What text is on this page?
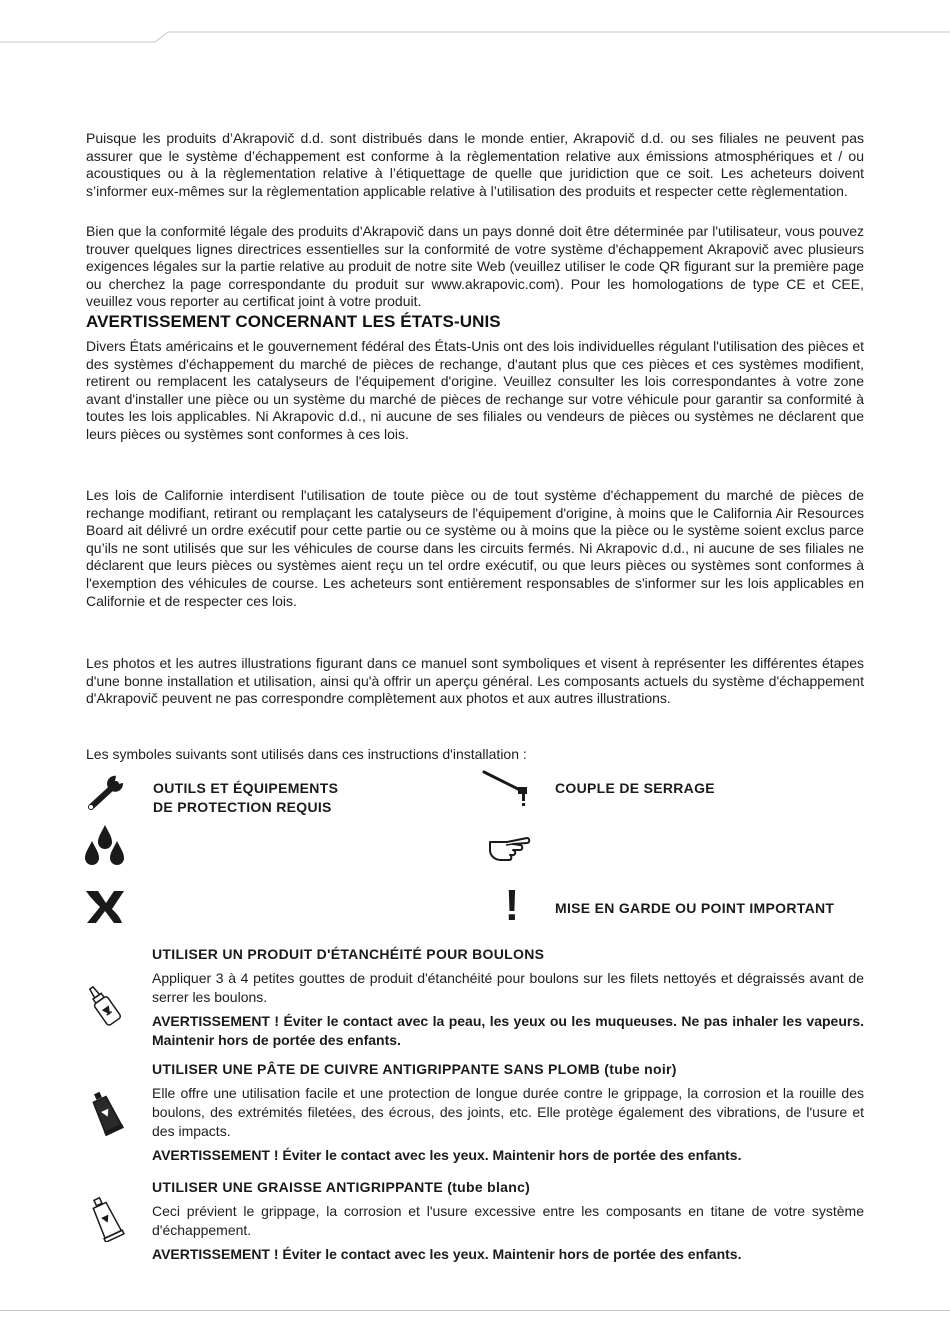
Puisque les produits d’Akrapovič d.d. sont distribués dans le monde entier, Akrapovič d.d. ou ses filiales ne peuvent pas assurer que le système d’échappement est conforme à la règlementation relative aux émissions atmosphériques et / ou acoustiques ou à la règlementation relative à l’étiquettage de quelle que juridiction que ce soit. Les acheteurs doivent s’informer eux-mêmes sur la règlementation applicable relative à l’utilisation des produits et respecter cette règlementation.

Bien que la conformité légale des produits d'Akrapovič dans un pays donné doit être déterminée par l'utilisateur, vous pouvez trouver quelques lignes directrices essentielles sur la conformité de votre système d'échappement Akrapovič avec plusieurs exigences légales sur la partie relative au produit de notre site Web (veuillez utiliser le code QR figurant sur la première page ou cherchez la page correspondante du produit sur www.akrapovic.com). Pour les homologations de type CE et CEE, veuillez vous reporter au certificat joint à votre produit.

AVERTISSEMENT CONCERNANT LES ÉTATS-UNIS

Divers États américains et le gouvernement fédéral des États-Unis ont des lois individuelles régulant l'utilisation des pièces et des systèmes d'échappement du marché de pièces de rechange, d'autant plus que ces pièces et ces systèmes modifient, retirent ou remplacent les catalyseurs de l'équipement d'origine. Veuillez consulter les lois correspondantes à votre zone avant d'installer une pièce ou un système du marché de pièces de rechange sur votre véhicule pour garantir sa conformité à toutes les lois applicables. Ni Akrapovic d.d., ni aucune de ses filiales ou vendeurs de pièces ou systèmes ne déclarent que leurs pièces ou systèmes sont conformes à ces lois.

Les lois de Californie interdisent l'utilisation de toute pièce ou de tout système d'échappement du marché de pièces de rechange modifiant, retirant ou remplaçant les catalyseurs de l'équipement d'origine, à moins que le California Air Resources Board ait délivré un ordre exécutif pour cette partie ou ce système ou à moins que la pièce ou le système soient exclus parce qu’ils ne sont utilisés que sur les véhicules de course dans les circuits fermés. Ni Akrapovic d.d., ni aucune de ses filiales ne déclarent que leurs pièces ou systèmes aient reçu un tel ordre exécutif, ou que leurs pièces ou systèmes sont conformes à l'exemption des véhicules de course. Les acheteurs sont entièrement responsables de s'informer sur les lois applicables en Californie et de respecter ces lois.

Les photos et les autres illustrations figurant dans ce manuel sont symboliques et visent à représenter les différentes étapes d'une bonne installation et utilisation, ainsi qu'à offrir un aperçu général. Les composants actuels du système d'échappement d'Akrapovič peuvent ne pas correspondre complètement aux photos et aux autres illustrations.

Les symboles suivants sont utilisés dans ces instructions d'installation :

OUTILS ET ÉQUIPEMENTS
DE PROTECTION REQUIS

COUPLE DE SERRAGE

!	MISE EN GARDE OU POINT IMPORTANT

UTILISER UN PRODUIT D'ÉTANCHÉITÉ POUR BOULONS

Appliquer 3 à 4 petites gouttes de produit d'étanchéité pour boulons sur les filets nettoyés et dégraissés avant de serrer les boulons.

AVERTISSEMENT ! Éviter le contact avec la peau, les yeux ou les muqueuses. Ne pas inhaler les vapeurs. Maintenir hors de portée des enfants.

UTILISER UNE PÂTE DE CUIVRE ANTIGRIPPANTE SANS PLOMB (tube noir)

Elle offre une utilisation facile et une protection de longue durée contre le grippage, la corrosion et la rouille des boulons, des extrémités filetées, des écrous, des joints, etc. Elle protège également des vibrations, de l'usure et des impacts.

AVERTISSEMENT ! Éviter le contact avec les yeux. Maintenir hors de portée des enfants.

UTILISER UNE GRAISSE ANTIGRIPPANTE (tube blanc)

Ceci prévient le grippage, la corrosion et l'usure excessive entre les composants en titane de votre système d'échappement.

AVERTISSEMENT ! Éviter le contact avec les yeux. Maintenir hors de portée des enfants.
